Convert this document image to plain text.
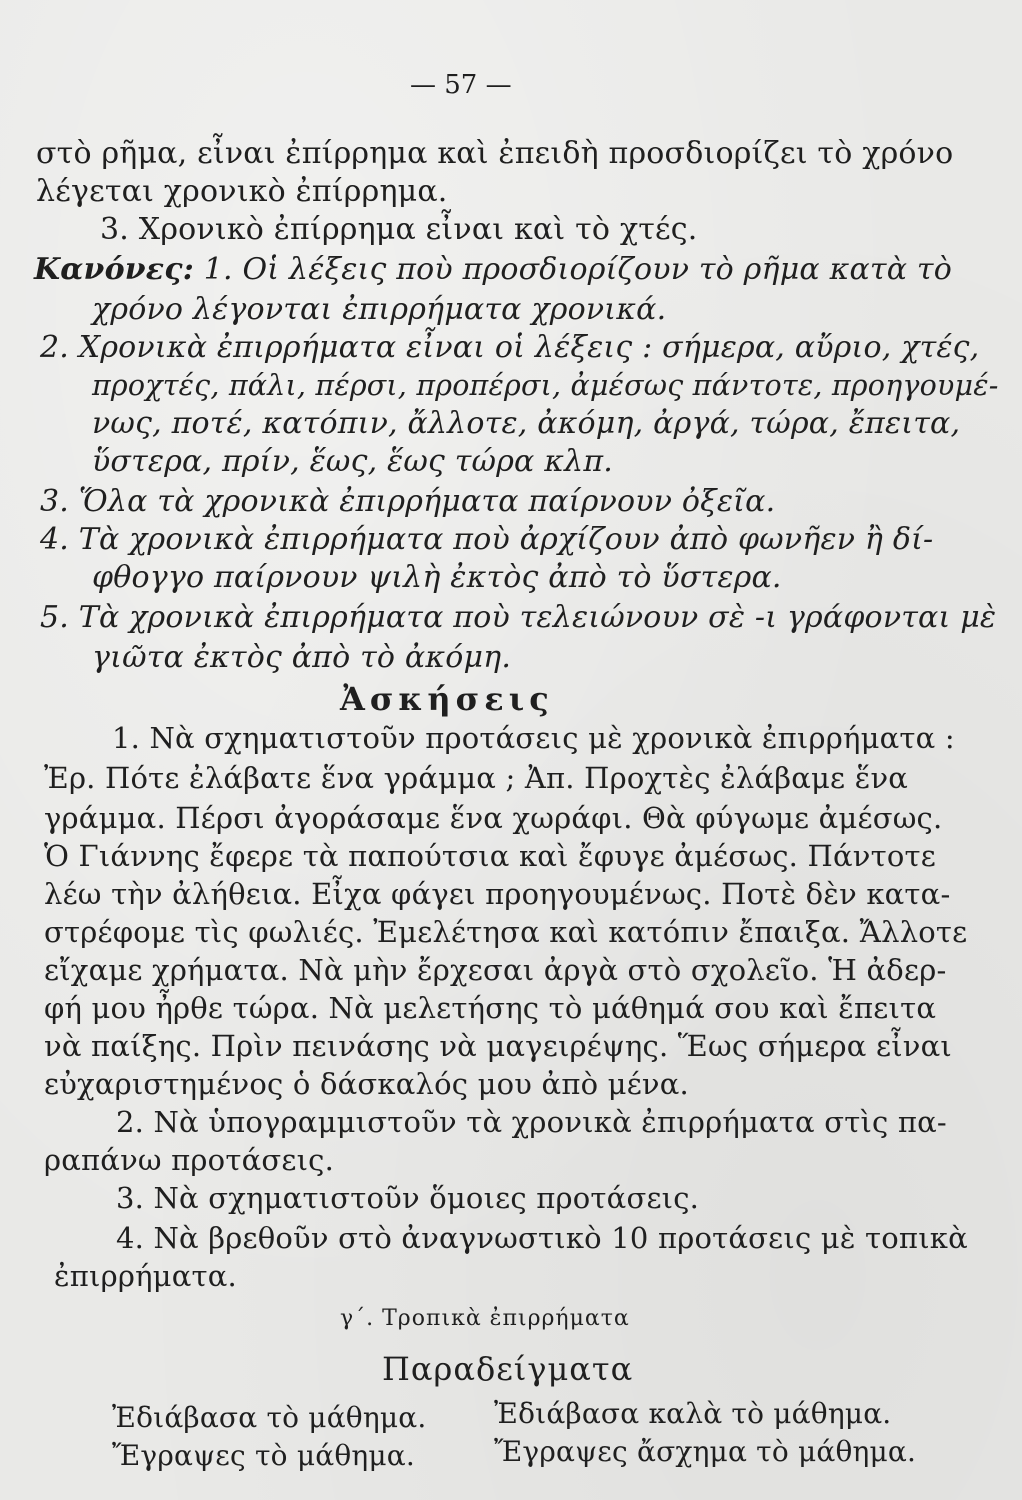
— 57 —
στὸ ρῆμα, εἶναι ἐπίρρημα καὶ ἐπειδὴ προσδιορίζει τὸ χρόνο
λέγεται χρονικὸ ἐπίρρημα.
3. Χρονικὸ ἐπίρρημα εἶναι καὶ τὸ χτές.
Κανόνες: 1. Οἱ λέξεις ποὺ προσδιορίζουν τὸ ρῆμα κατὰ τὸ
χρόνο λέγονται ἐπιρρήματα χρονικά.
2. Χρονικὰ ἐπιρρήματα εἶναι οἱ λέξεις : σήμερα, αὔριο, χτές,
προχτές, πάλι, πέρσι, προπέρσι, ἀμέσως πάντοτε, προηγουμέ-
νως, ποτέ, κατόπιν, ἄλλοτε, ἀκόμη, ἀργά, τώρα, ἔπειτα,
ὕστερα, πρίν, ἕως, ἕως τώρα κλπ.
3. Ὅλα τὰ χρονικὰ ἐπιρρήματα παίρνουν ὀξεῖα.
4. Τὰ χρονικὰ ἐπιρρήματα ποὺ ἀρχίζουν ἀπὸ φωνῆεν ἢ δί-
φθογγο παίρνουν ψιλὴ ἐκτὸς ἀπὸ τὸ ὕστερα.
5. Τὰ χρονικὰ ἐπιρρήματα ποὺ τελειώνουν σὲ -ι γράφονται μὲ
γιῶτα ἐκτὸς ἀπὸ τὸ ἀκόμη.
Ἀσκήσεις
1. Νὰ σχηματιστοῦν προτάσεις μὲ χρονικὰ ἐπιρρήματα :
Ἐρ. Πότε ἐλάβατε ἕνα γράμμα ; Ἀπ. Προχτὲς ἐλάβαμε ἕνα
γράμμα. Πέρσι ἀγοράσαμε ἕνα χωράφι. Θὰ φύγωμε ἀμέσως.
Ὁ Γιάννης ἔφερε τὰ παπούτσια καὶ ἔφυγε ἀμέσως. Πάντοτε
λέω τὴν ἀλήθεια. Εἶχα φάγει προηγουμένως. Ποτὲ δὲν κατα-
στρέφομε τὶς φωλιές. Ἐμελέτησα καὶ κατόπιν ἔπαιξα. Ἄλλοτε
εἴχαμε χρήματα. Νὰ μὴν ἔρχεσαι ἀργὰ στὸ σχολεῖο. Ἡ ἀδερ-
φή μου ἦρθε τώρα. Νὰ μελετήσης τὸ μάθημά σου καὶ ἔπειτα
νὰ παίξης. Πρὶν πεινάσης νὰ μαγειρέψης. Ἕως σήμερα εἶναι
εὐχαριστημένος ὁ δάσκαλός μου ἀπὸ μένα.
2. Νὰ ὑπογραμμιστοῦν τὰ χρονικὰ ἐπιρρήματα στὶς πα-
ραπάνω προτάσεις.
3. Νὰ σχηματιστοῦν ὅμοιες προτάσεις.
4. Νὰ βρεθοῦν στὸ ἀναγνωστικὸ 10 προτάσεις μὲ τοπικὰ
ἐπιρρήματα.
γ΄. Τροπικὰ ἐπιρρήματα
Παραδείγματα
Ἐδιάβασα τὸ μάθημα. Ἐδιάβασα καλὰ τὸ μάθημα.
Ἔγραψες τὸ μάθημα.	Ἔγραψες ἄσχημα τὸ μάθημα.
